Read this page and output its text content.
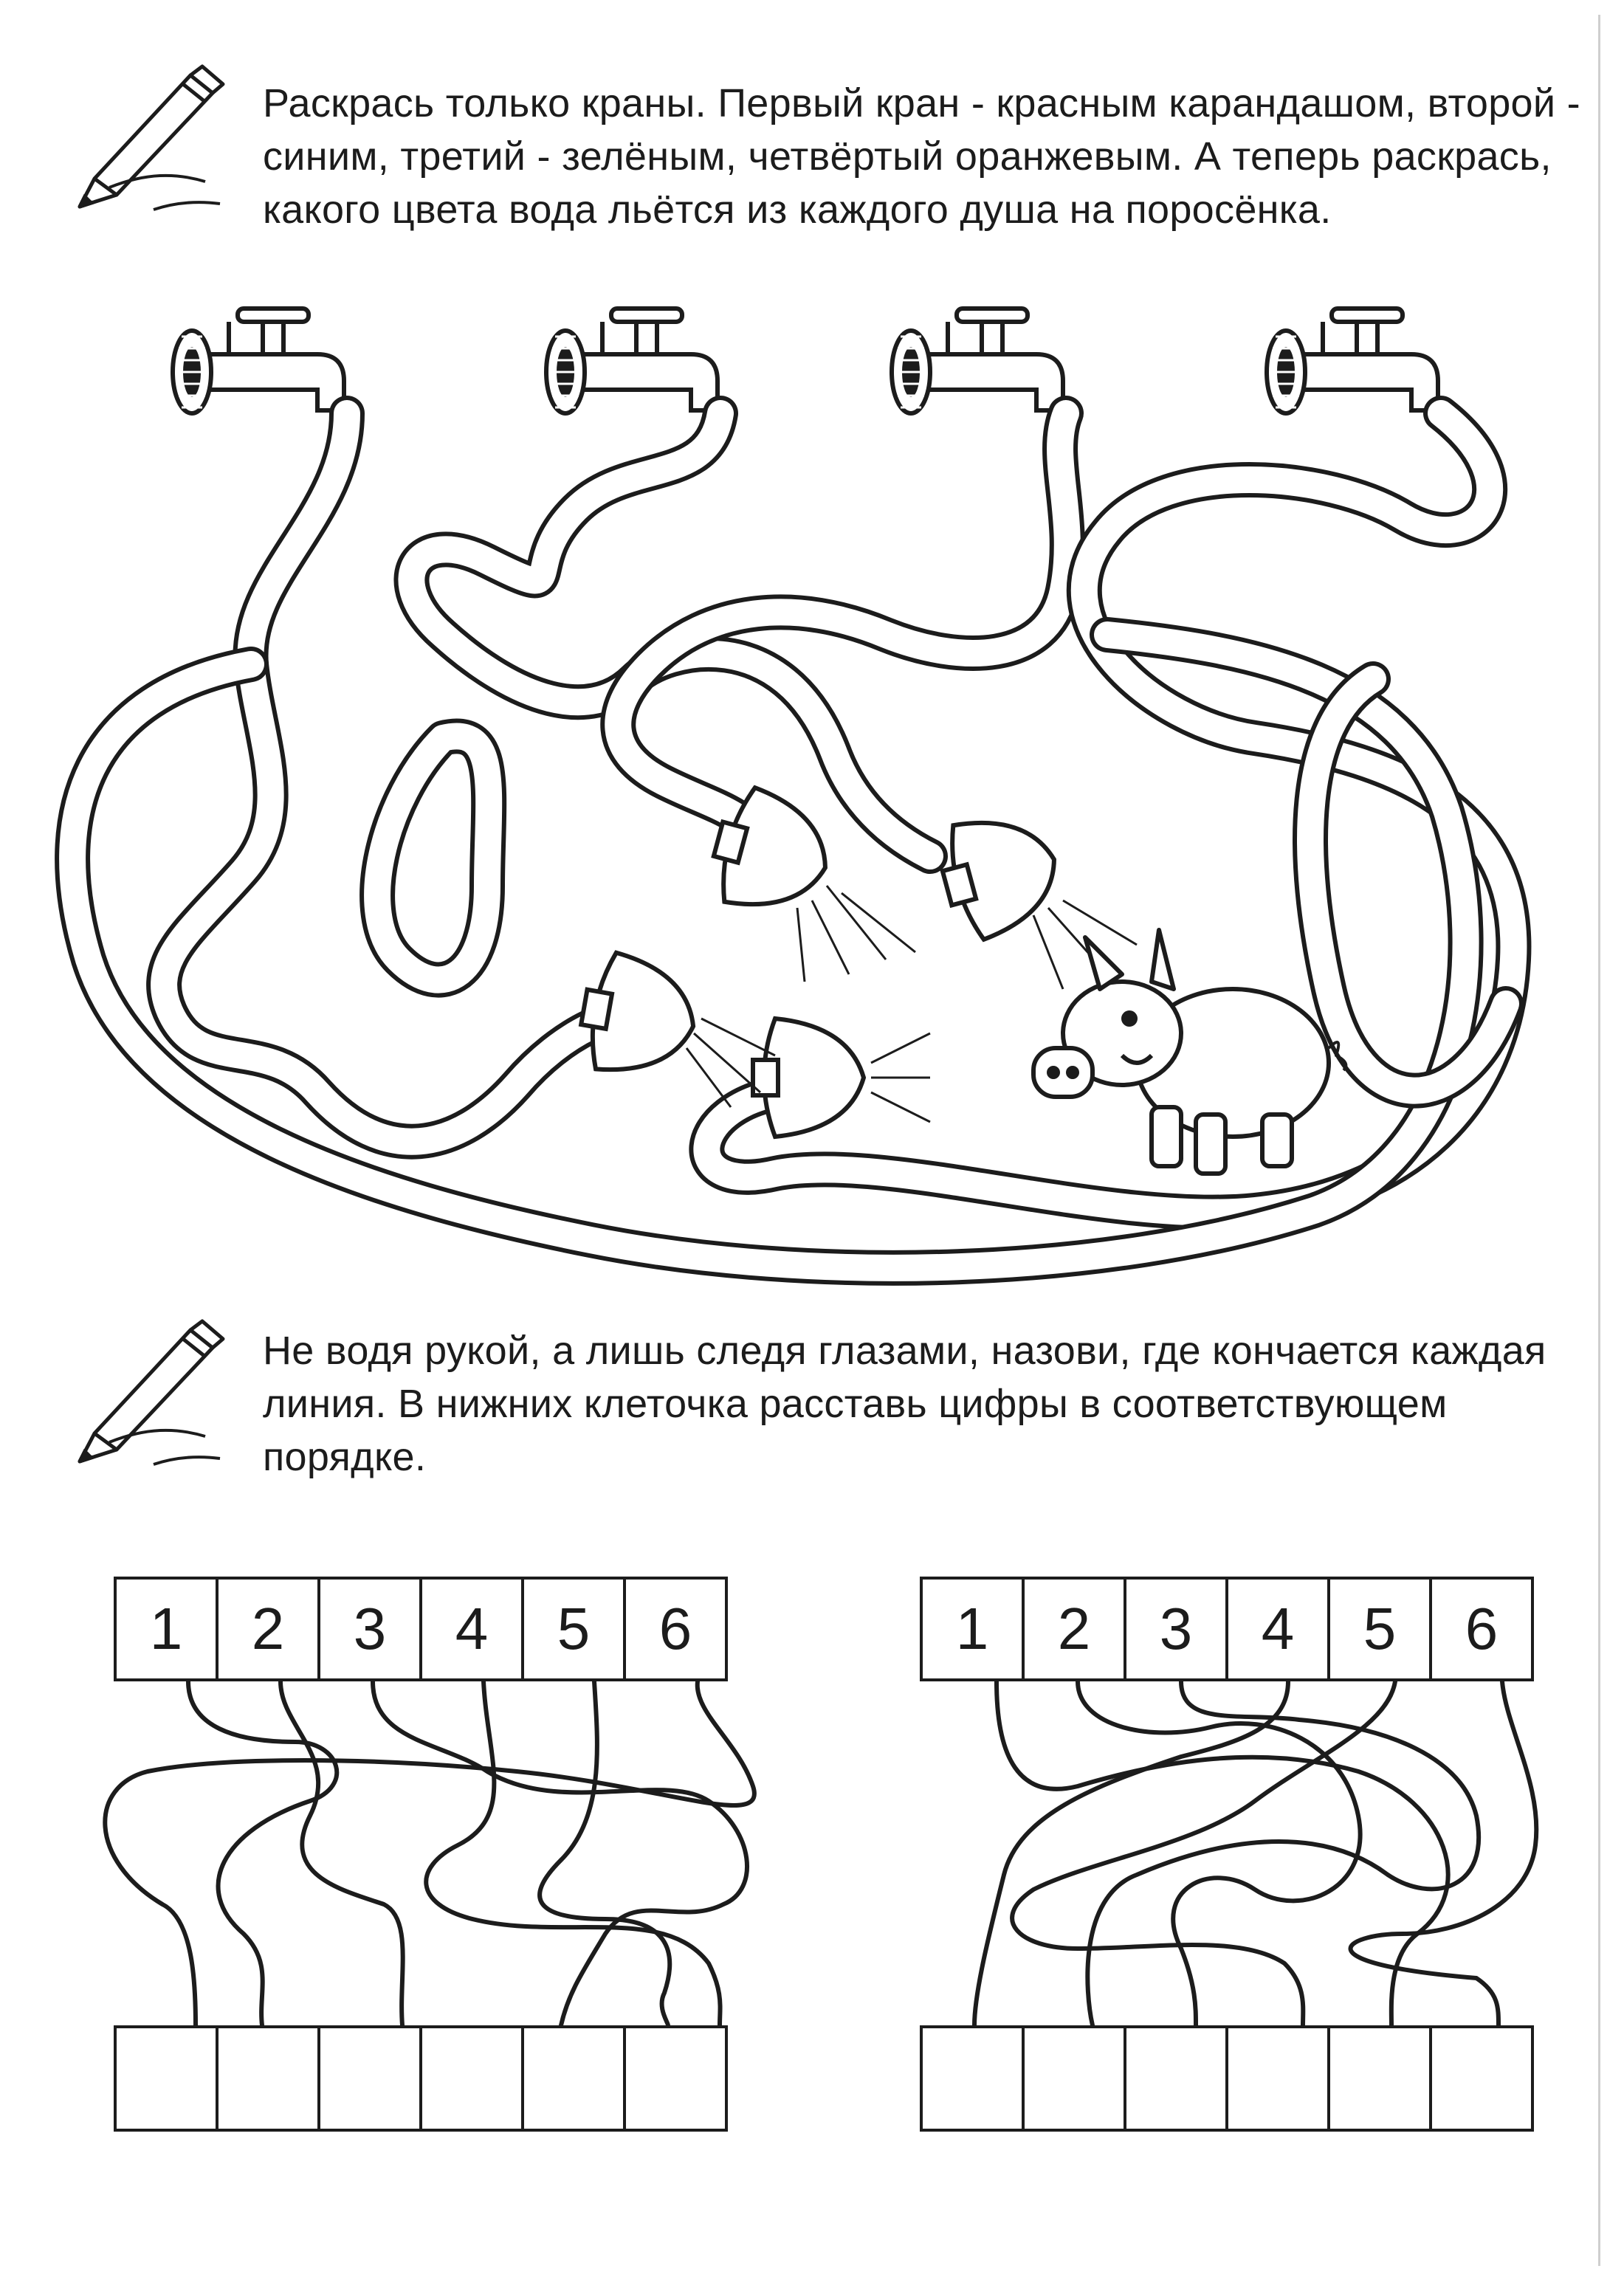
Раскрась только краны. Первый кран - красным карандашом, второй - синим, третий - зелёным, четвёртый оранжевым. А теперь раскрась, какого цвета вода льётся из каждого душа на поросёнка.
Не водя рукой, а лишь следя глазами, назови, где кончается каждая линия. В нижних клеточка расставь цифры в соответствующем порядке.
1	2	3	4	5	6	1	2	3	4	5	6
